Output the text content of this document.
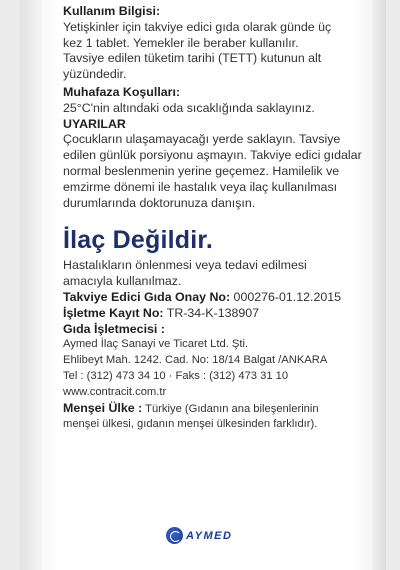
Kullanım Bilgisi:
Yetişkinler için takviye edici gıda olarak günde üç
kez 1 tablet. Yemekler ile beraber kullanılır.
Tavsiye edilen tüketim tarihi (TETT) kutunun alt
yüzündedir.
Muhafaza Koşulları:
25°C'nin altındaki oda sıcaklığında saklayınız.
UYARILAR
Çocukların ulaşamayacağı yerde saklayın. Tavsiye
edilen günlük porsiyonu aşmayın. Takviye edici gıdalar
normal beslenmenin yerine geçemez. Hamilelik ve
emzirme dönemi ile hastalık veya ilaç kullanılması
durumlarında doktorunuza danışın.
İlaç Değildir.
Hastalıkların önlenmesi veya tedavi edilmesi
amacıyla kullanılmaz.
Takviye Edici Gıda Onay No: 000276-01.12.2015
İşletme Kayıt No: TR-34-K-138907
Gıda İşletmecisi :
Aymed İlaç Sanayi ve Ticaret Ltd. Şti.
Ehlibeyt Mah. 1242. Cad. No: 18/14 Balgat /ANKARA
Tel : (312) 473 34 10 · Faks : (312) 473 31 10
www.contracit.com.tr
Menşei Ülke : Türkiye (Gıdanın ana bileşenlerinin
menşei ülkesi, gıdanın menşei ülkesinden farklıdır).
AYMED
